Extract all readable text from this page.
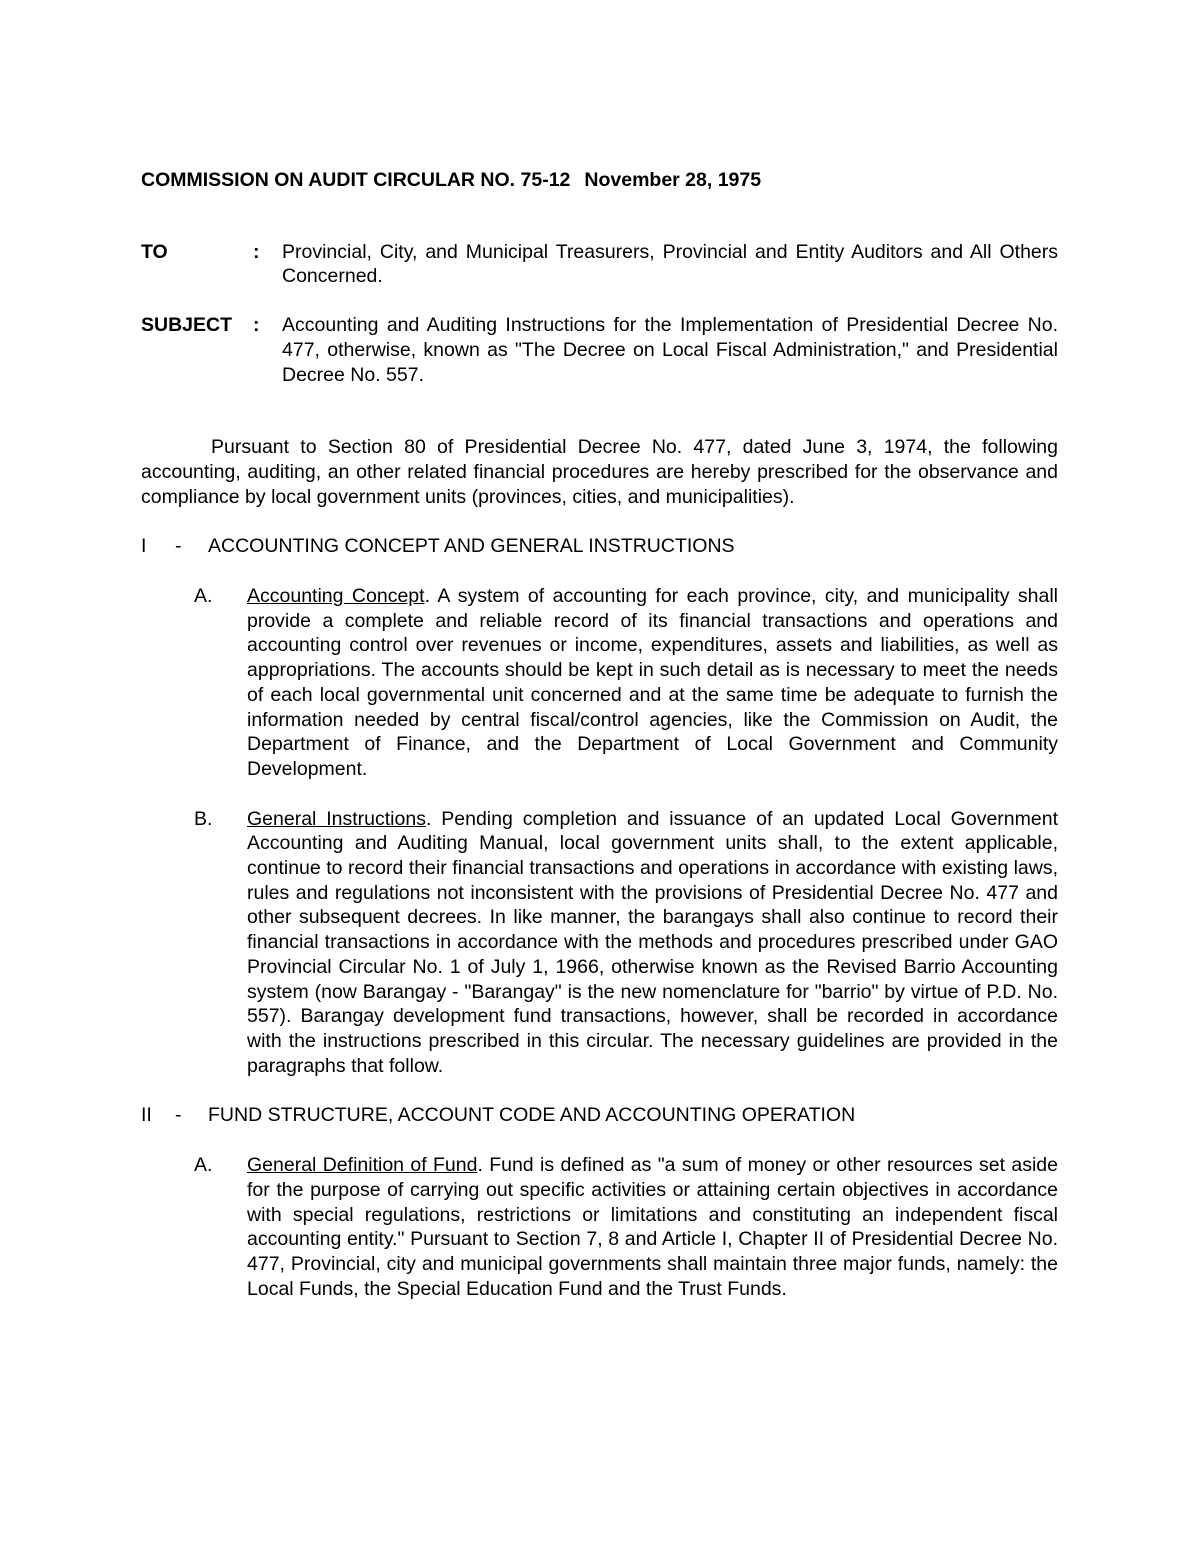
COMMISSION ON AUDIT CIRCULAR NO. 75-12 November 28, 1975

TO	:	Provincial, City, and Municipal Treasurers, Provincial and Entity Auditors and All Others Concerned.
SUBJECT	:	Accounting and Auditing Instructions for the Implementation of Presidential Decree No. 477, otherwise, known as "The Decree on Local Fiscal Administration," and Presidential Decree No. 557.

Pursuant to Section 80 of Presidential Decree No. 477, dated June 3, 1974, the following accounting, auditing, an other related financial procedures are hereby prescribed for the observance and compliance by local government units (provinces, cities, and municipalities).

I	-	ACCOUNTING CONCEPT AND GENERAL INSTRUCTIONS
A.	Accounting Concept. A system of accounting for each province, city, and municipality shall provide a complete and reliable record of its financial transactions and operations and accounting control over revenues or income, expenditures, assets and liabilities, as well as appropriations. The accounts should be kept in such detail as is necessary to meet the needs of each local governmental unit concerned and at the same time be adequate to furnish the information needed by central fiscal/control agencies, like the Commission on Audit, the Department of Finance, and the Department of Local Government and Community Development.
B.	General Instructions. Pending completion and issuance of an updated Local Government Accounting and Auditing Manual, local government units shall, to the extent applicable, continue to record their financial transactions and operations in accordance with existing laws, rules and regulations not inconsistent with the provisions of Presidential Decree No. 477 and other subsequent decrees. In like manner, the barangays shall also continue to record their financial transactions in accordance with the methods and procedures prescribed under GAO Provincial Circular No. 1 of July 1, 1966, otherwise known as the Revised Barrio Accounting system (now Barangay - "Barangay" is the new nomenclature for "barrio" by virtue of P.D. No. 557). Barangay development fund transactions, however, shall be recorded in accordance with the instructions prescribed in this circular. The necessary guidelines are provided in the paragraphs that follow.
II	-	FUND STRUCTURE, ACCOUNT CODE AND ACCOUNTING OPERATION
A.	General Definition of Fund. Fund is defined as "a sum of money or other resources set aside for the purpose of carrying out specific activities or attaining certain objectives in accordance with special regulations, restrictions or limitations and constituting an independent fiscal accounting entity." Pursuant to Section 7, 8 and Article I, Chapter II of Presidential Decree No. 477, Provincial, city and municipal governments shall maintain three major funds, namely: the Local Funds, the Special Education Fund and the Trust Funds.
